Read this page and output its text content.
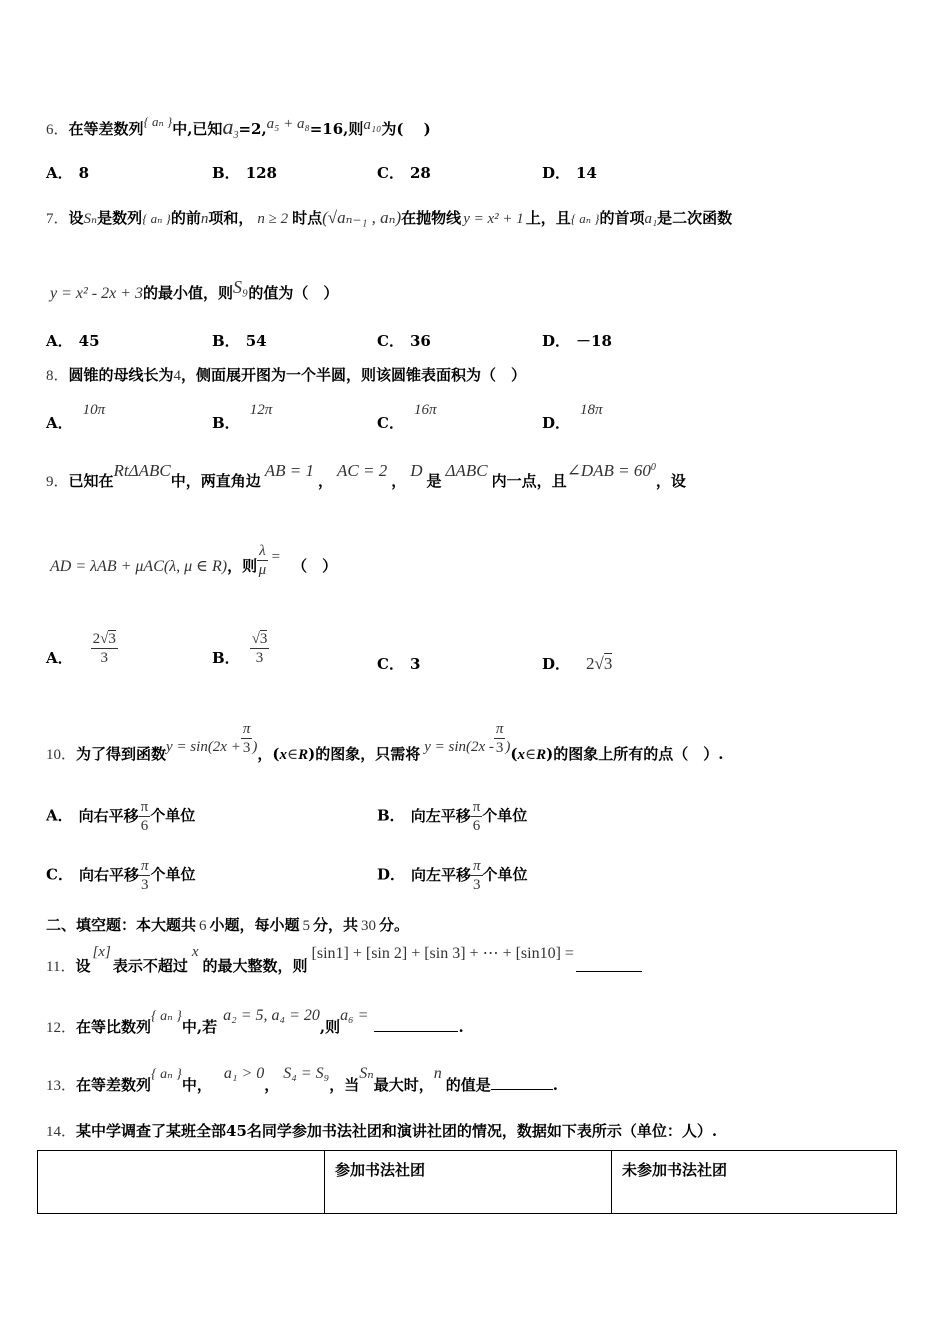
6．在等差数列{ aₙ }中,已知$a_3=2,a_5 + a_8=16$,则a₁₀为(　 )
A． 8	B． 128	C． 28	D． 14
7．设Sₙ是数列{ aₙ }的前n项和， n ≥ 2 时点(√aₙ₋₁ , aₙ)在抛物线 y = x² + 1 上，且{ aₙ }的首项a₁是二次函数
y = x² - 2x + 3的最小值，则S₉的值为（　）
A． 45	B． 54	C． 36	D． －18
8．圆锥的母线长为4，侧面展开图为一个半圆，则该圆锥表面积为（　）
A．10π
B．12π
C．16π
D．18π
9．已知在RtΔABC中，两直角边AB = 1，AC = 2，D是ΔABC内一点，且∠DAB = $60^0$，设
AD = λAB + μAC(λ, μ ∈ R)，则 $\frac{\lambda}{\mu}$ = （　）
A． $\frac{2√3}{3}$	B． $\frac{√3}{3}$	C． 3	D． 2√3
10．为了得到函数$y = \sin(2x + \frac{\pi}{3}$ )，(x∈R)的图象，只需将 $y = \sin(2x - \frac{\pi}{3}$ )(x∈R)的图象上所有的点（　）.
A． 向右平移 $\frac{\pi}{6}$ 个单位	B． 向左平移 $\frac{\pi}{6}$ 个单位
C． 向右平移 $\frac{\pi}{3}$ 个单位	D． 向左平移 $\frac{\pi}{3}$ 个单位
二、填空题：本大题共 6 小题，每小题 5 分，共 30 分。
11．设[x]表示不超过x的最大整数，则[sin1] + [sin 2] + [sin 3] + ⋯ + [sin10] =
12．在等比数列{ aₙ }中,若a₂ = 5, a₄ = 20,则a₆ =.
13．在等差数列{ aₙ }中，a₁ > 0，S₄ = S₉，当Sₙ最大时，n的值是	.
14．某中学调查了某班全部45名同学参加书法社团和演讲社团的情况，数据如下表所示（单位：人）.
	参加书法社团	未参加书法社团
